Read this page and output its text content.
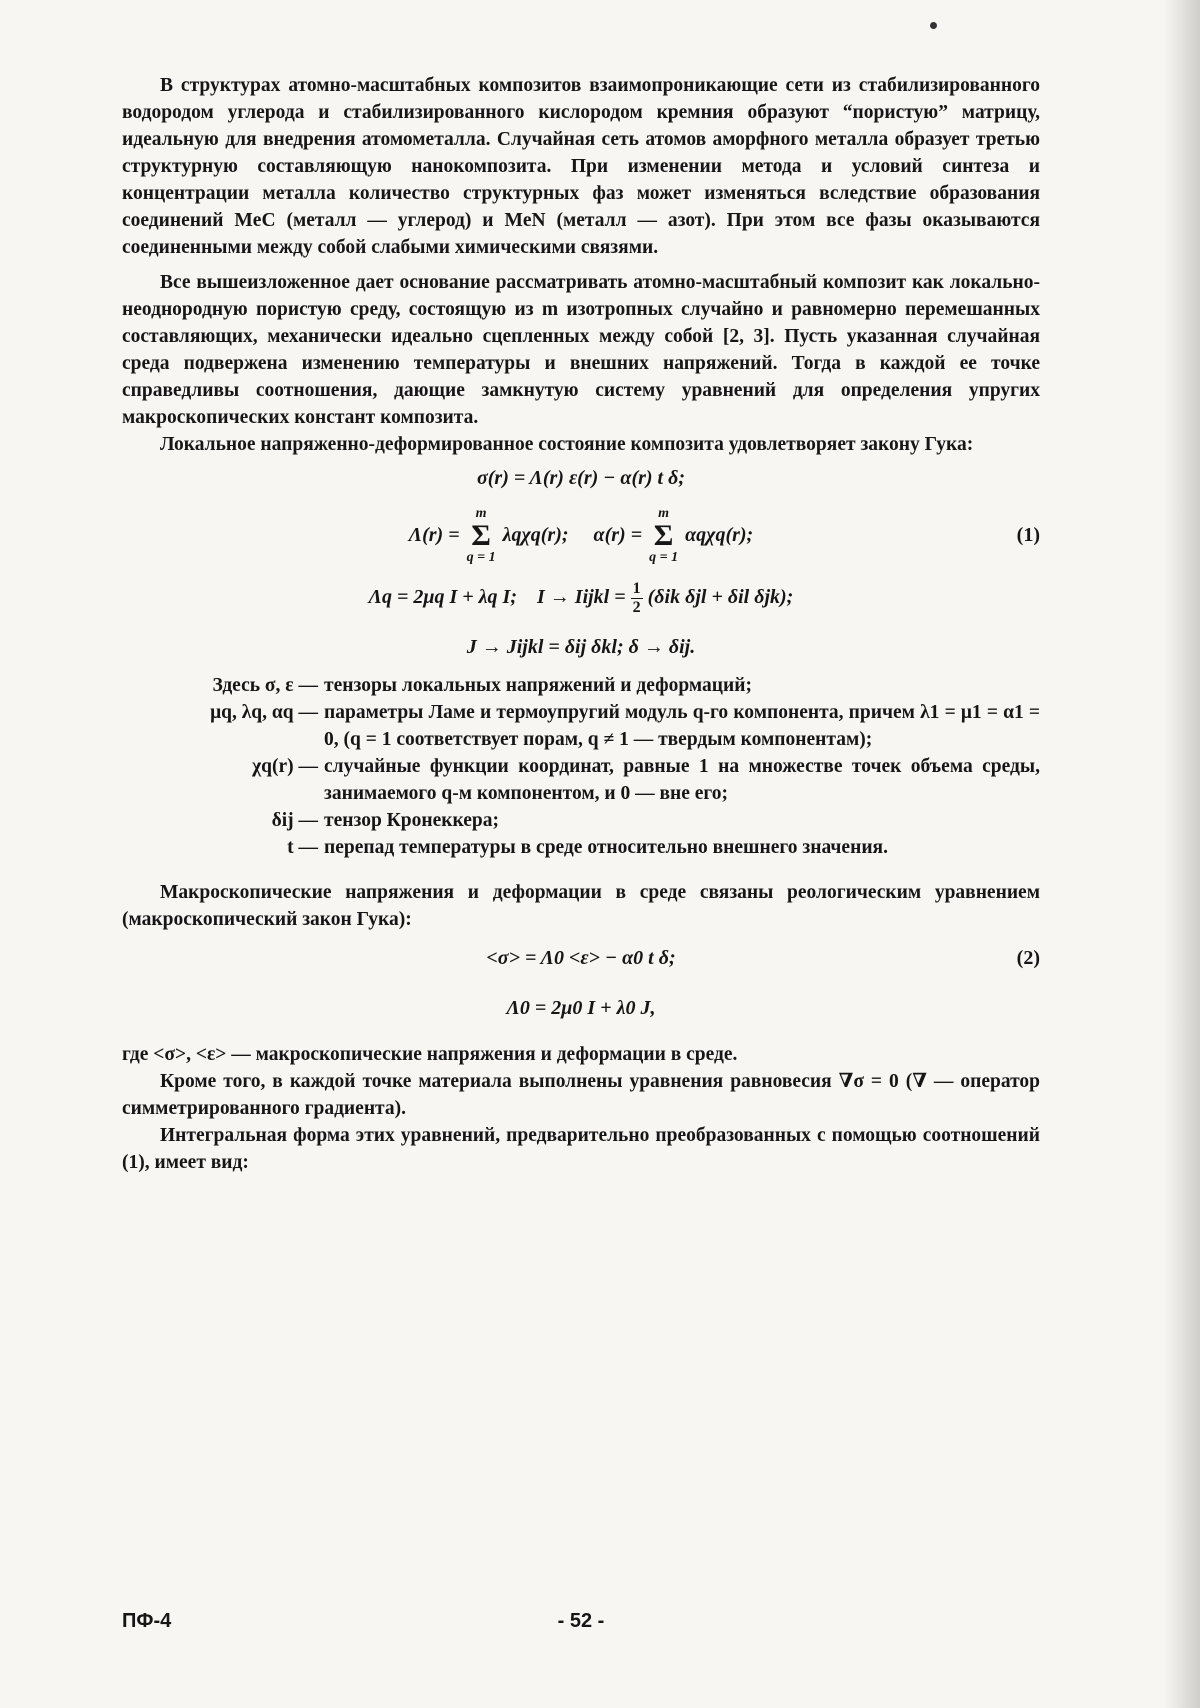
В структурах атомно-масштабных композитов взаимопроникающие сети из стабилизированного водородом углерода и стабилизированного кислородом кремния образуют “пористую” матрицу, идеальную для внедрения атомометалла. Случайная сеть атомов аморфного металла образует третью структурную составляющую нанокомпозита. При изменении метода и условий синтеза и концентрации металла количество структурных фаз может изменяться вследствие образования соединений MeC (металл — углерод) и MeN (металл — азот). При этом все фазы оказываются соединенными между собой слабыми химическими связями.

Все вышеизложенное дает основание рассматривать атомно-масштабный композит как локально-неоднородную пористую среду, состоящую из m изотропных случайно и равномерно перемешанных составляющих, механически идеально сцепленных между собой [2, 3]. Пусть указанная случайная среда подвержена изменению температуры и внешних напряжений. Тогда в каждой ее точке справедливы соотношения, дающие замкнутую систему уравнений для определения упругих макроскопических констант композита.

Локальное напряженно-деформированное состояние композита удовлетворяет закону Гука:

σ(r) = Λ(r) ε(r) − α(r) t δ;
Λ(r) =
m
Σ
q = 1
λqχq(r); α(r) =
m
Σ
q = 1
αqχq(r);	(1)
Λq = 2μq I + λq I; I → Iijkl = $\frac{1}{2} (\delta ik$ δjl + δil δjk);
J → Jijkl = δij δkl; δ → δij.
Здесь σ, ε — тензоры локальных напряжений и деформаций;
μq, λq, αq — параметры Ламе и термоупругий модуль q-го компонента, причем λ1 = μ1 = α1 = 0, (q = 1 соответствует порам, q ≠ 1 — твердым компонентам);
χq(r) — случайные функции координат, равные 1 на множестве точек объема среды, занимаемого q-м компонентом, и 0 — вне его;
δij — тензор Кронеккера;
t — перепад температуры в среде относительно внешнего значения.

Макроскопические напряжения и деформации в среде связаны реологическим уравнением (макроскопический закон Гука):

<σ> = Λ0 <ε> − α0 t δ;	(2)
Λ0 = 2μ0 I + λ0 J,

где <σ>, <ε> — макроскопические напряжения и деформации в среде.

Кроме того, в каждой точке материала выполнены уравнения равновесия ∇σ = 0 (∇ — оператор симметрированного градиента).

Интегральная форма этих уравнений, предварительно преобразованных с помощью соотношений (1), имеет вид:

ПФ-4	- 52 -
